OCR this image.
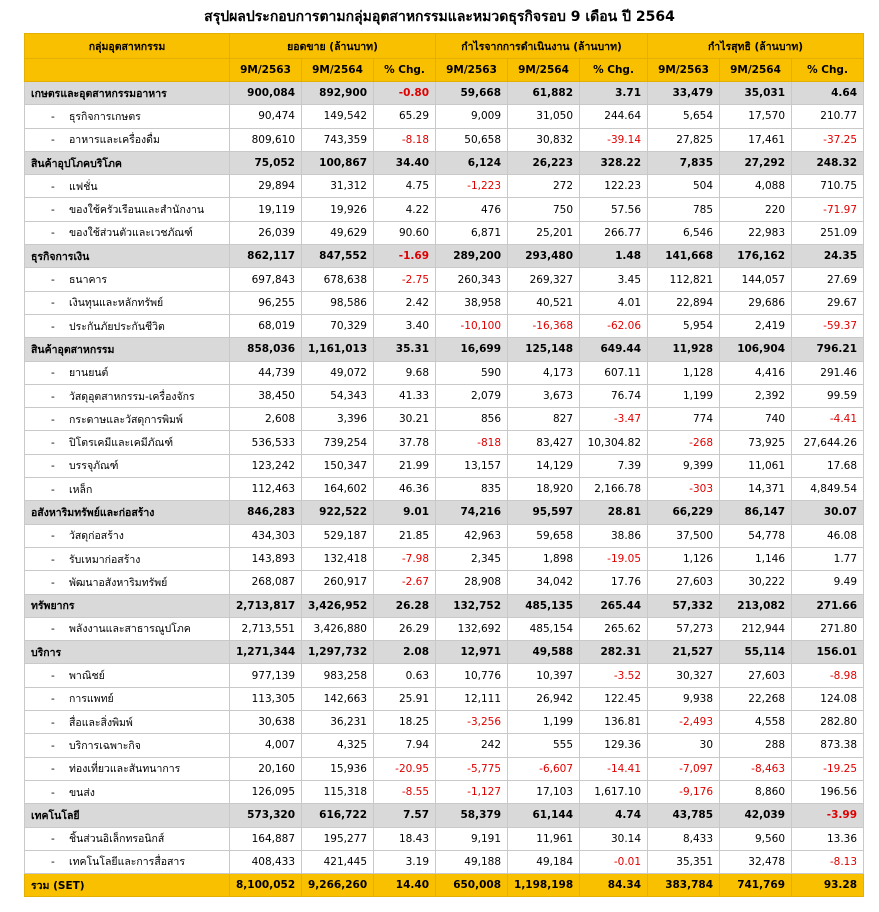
สรุปผลประกอบการตามกลุ่มอุตสาหกรรมและหมวดธุรกิจรอบ 9 เดือน ปี 2564
กลุ่มอุตสาหกรรม	ยอดขาย (ล้านบาท)			กำไรจากการดำเนินงาน (ล้านบาท)			กำไรสุทธิ (ล้านบาท)		
	9M/2563	9M/2564	% Chg.	9M/2563	9M/2564	% Chg.	9M/2563	9M/2564	% Chg.
เกษตรและอุตสาหกรรมอาหาร	900,084	892,900	-0.80	59,668	61,882	3.71	33,479	35,031	4.64
- ธุรกิจการเกษตร	90,474	149,542	65.29	9,009	31,050	244.64	5,654	17,570	210.77
- อาหารและเครื่องดื่ม	809,610	743,359	-8.18	50,658	30,832	-39.14	27,825	17,461	-37.25
สินค้าอุปโภคบริโภค	75,052	100,867	34.40	6,124	26,223	328.22	7,835	27,292	248.32
- แฟชั่น	29,894	31,312	4.75	-1,223	272	122.23	504	4,088	710.75
- ของใช้ครัวเรือนและสำนักงาน	19,119	19,926	4.22	476	750	57.56	785	220	-71.97
- ของใช้ส่วนตัวและเวชภัณฑ์	26,039	49,629	90.60	6,871	25,201	266.77	6,546	22,983	251.09
ธุรกิจการเงิน	862,117	847,552	-1.69	289,200	293,480	1.48	141,668	176,162	24.35
- ธนาคาร	697,843	678,638	-2.75	260,343	269,327	3.45	112,821	144,057	27.69
- เงินทุนและหลักทรัพย์	96,255	98,586	2.42	38,958	40,521	4.01	22,894	29,686	29.67
- ประกันภัยประกันชีวิต	68,019	70,329	3.40	-10,100	-16,368	-62.06	5,954	2,419	-59.37
สินค้าอุตสาหกรรม	858,036	1,161,013	35.31	16,699	125,148	649.44	11,928	106,904	796.21
- ยานยนต์	44,739	49,072	9.68	590	4,173	607.11	1,128	4,416	291.46
- วัสดุอุตสาหกรรม-เครื่องจักร	38,450	54,343	41.33	2,079	3,673	76.74	1,199	2,392	99.59
- กระดาษและวัสดุการพิมพ์	2,608	3,396	30.21	856	827	-3.47	774	740	-4.41
- ปิโตรเคมีและเคมีภัณฑ์	536,533	739,254	37.78	-818	83,427	10,304.82	-268	73,925	27,644.26
- บรรจุภัณฑ์	123,242	150,347	21.99	13,157	14,129	7.39	9,399	11,061	17.68
- เหล็ก	112,463	164,602	46.36	835	18,920	2,166.78	-303	14,371	4,849.54
อสังหาริมทรัพย์และก่อสร้าง	846,283	922,522	9.01	74,216	95,597	28.81	66,229	86,147	30.07
- วัสดุก่อสร้าง	434,303	529,187	21.85	42,963	59,658	38.86	37,500	54,778	46.08
- รับเหมาก่อสร้าง	143,893	132,418	-7.98	2,345	1,898	-19.05	1,126	1,146	1.77
- พัฒนาอสังหาริมทรัพย์	268,087	260,917	-2.67	28,908	34,042	17.76	27,603	30,222	9.49
ทรัพยากร	2,713,817	3,426,952	26.28	132,752	485,135	265.44	57,332	213,082	271.66
- พลังงานและสาธารณูปโภค	2,713,551	3,426,880	26.29	132,692	485,154	265.62	57,273	212,944	271.80
บริการ	1,271,344	1,297,732	2.08	12,971	49,588	282.31	21,527	55,114	156.01
- พาณิชย์	977,139	983,258	0.63	10,776	10,397	-3.52	30,327	27,603	-8.98
- การแพทย์	113,305	142,663	25.91	12,111	26,942	122.45	9,938	22,268	124.08
- สื่อและสิ่งพิมพ์	30,638	36,231	18.25	-3,256	1,199	136.81	-2,493	4,558	282.80
- บริการเฉพาะกิจ	4,007	4,325	7.94	242	555	129.36	30	288	873.38
- ท่องเที่ยวและสันทนาการ	20,160	15,936	-20.95	-5,775	-6,607	-14.41	-7,097	-8,463	-19.25
- ขนส่ง	126,095	115,318	-8.55	-1,127	17,103	1,617.10	-9,176	8,860	196.56
เทคโนโลยี	573,320	616,722	7.57	58,379	61,144	4.74	43,785	42,039	-3.99
- ชิ้นส่วนอิเล็กทรอนิกส์	164,887	195,277	18.43	9,191	11,961	30.14	8,433	9,560	13.36
- เทคโนโลยีและการสื่อสาร	408,433	421,445	3.19	49,188	49,184	-0.01	35,351	32,478	-8.13
รวม (SET)	8,100,052	9,266,260	14.40	650,008	1,198,198	84.34	383,784	741,769	93.28
